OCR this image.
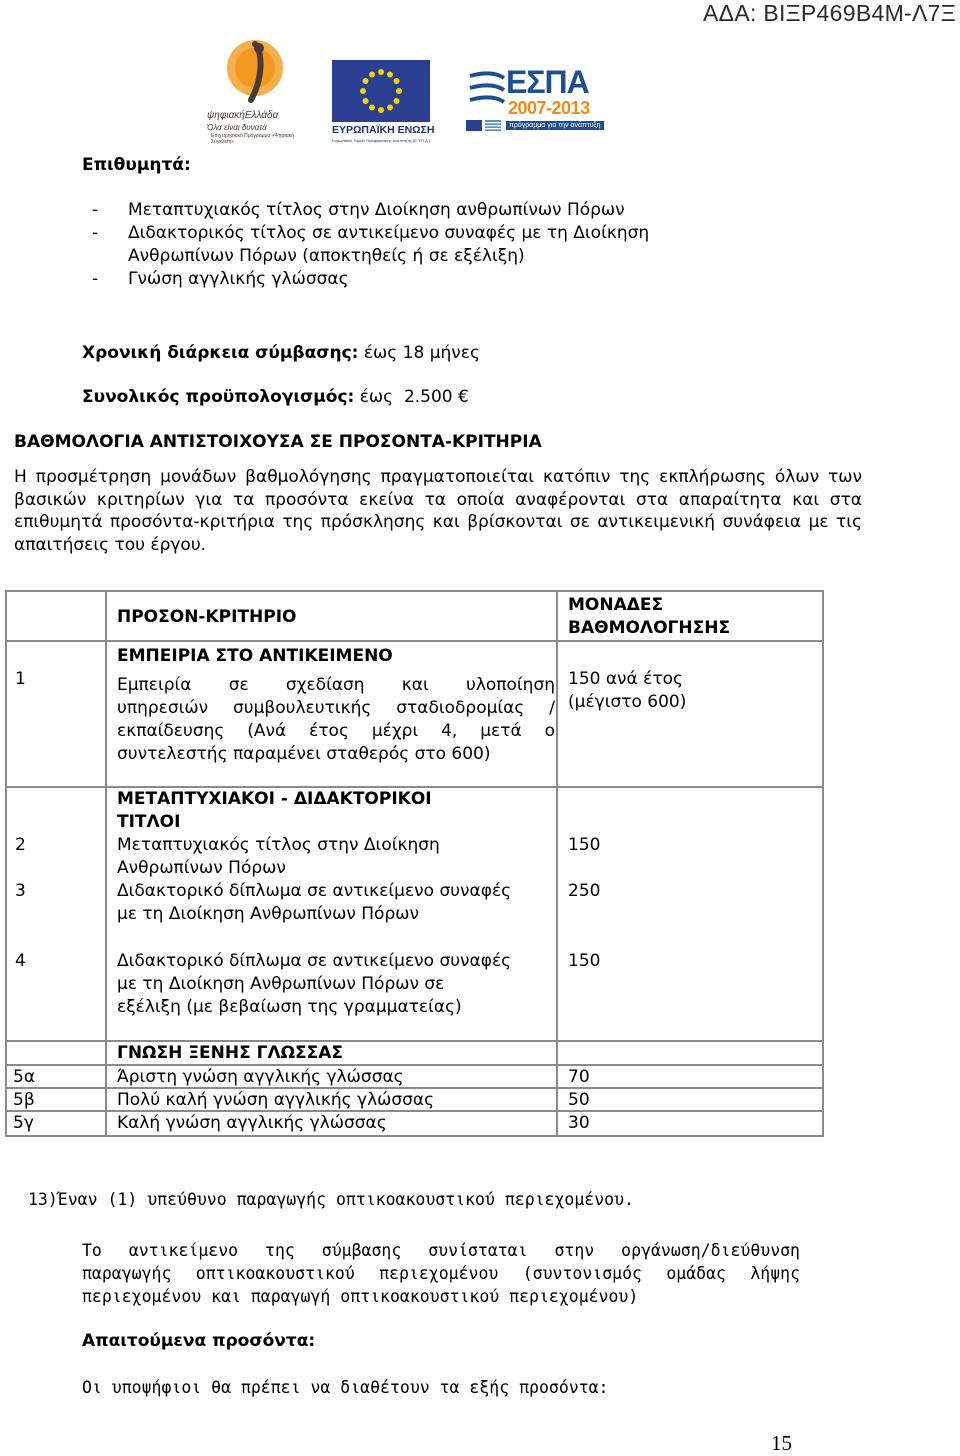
ΑΔΑ: ΒΙΞΡ469Β4Μ-Λ7Ξ
ψηφιακήΕλλάδα
Όλα είναι δυνατά
Επιχειρησιακό Πρόγραμμα «Ψηφιακή Σύγκλιση»
ΕΥΡΩΠΑΪΚΗ ΕΝΩΣΗ
Ευρωπαϊκό Ταμείο Περιφερειακής Ανάπτυξης (Ε.Τ.Π.Α.)
ΕΣΠΑ
2007-2013
πρόγραμμα για την ανάπτυξη
Επιθυμητά:
- Μεταπτυχιακός τίτλος στην Διοίκηση ανθρωπίνων Πόρων
- Διδακτορικός τίτλος σε αντικείμενο συναφές με τη Διοίκηση
Ανθρωπίνων Πόρων (αποκτηθείς ή σε εξέλιξη)
- Γνώση αγγλικής γλώσσας
Χρονική διάρκεια σύμβασης: έως 18 μήνες
Συνολικός προϋπολογισμός: έως  2.500 €
ΒΑΘΜΟΛΟΓΙΑ ΑΝΤΙΣΤΟΙΧΟΥΣΑ ΣΕ ΠΡΟΣΟΝΤΑ-ΚΡΙΤΗΡΙΑ
Η προσμέτρηση μονάδων βαθμολόγησης πραγματοποιείται κατόπιν της εκπλήρωσης όλων των βασικών κριτηρίων για τα προσόντα εκείνα τα οποία αναφέρονται στα απαραίτητα και στα επιθυμητά προσόντα-κριτήρια της πρόσκλησης και βρίσκονται σε αντικειμενική συνάφεια με τις απαιτήσεις του έργου.
ΠΡΟΣΟΝ-ΚΡΙΤΗΡΙΟ
ΜΟΝΑΔΕΣ
ΒΑΘΜΟΛΟΓΗΣΗΣ
ΕΜΠΕΙΡΙΑ ΣΤΟ ΑΝΤΙΚΕΙΜΕΝΟ
1	Εμπειρία σε σχεδίαση και υλοποίηση
υπηρεσιών συμβουλευτικής σταδιοδρομίας /
εκπαίδευσης (Ανά έτος μέχρι 4, μετά ο
συντελεστής παραμένει σταθερός στο 600)
150 ανά έτος
(μέγιστο 600)
ΜΕΤΑΠΤΥΧΙΑΚΟΙ - ΔΙΔΑΚΤΟΡΙΚΟΙ
ΤΙΤΛΟΙ
2	Μεταπτυχιακός τίτλος στην Διοίκηση
Ανθρωπίνων Πόρων
150
3	Διδακτορικό δίπλωμα σε αντικείμενο συναφές
με τη Διοίκηση Ανθρωπίνων Πόρων
250
4	Διδακτορικό δίπλωμα σε αντικείμενο συναφές
με τη Διοίκηση Ανθρωπίνων Πόρων σε
εξέλιξη (με βεβαίωση της γραμματείας)
150
ΓΝΩΣΗ ΞΕΝΗΣ ΓΛΩΣΣΑΣ
5α	Άριστη γνώση αγγλικής γλώσσας	70
5β	Πολύ καλή γνώση αγγλικής γλώσσας	50
5γ	Καλή γνώση αγγλικής γλώσσας	30
13)Έναν (1) υπεύθυνο παραγωγής οπτικοακουστικού περιεχομένου.
Το αντικείμενο της σύμβασης συνίσταται στην οργάνωση/διεύθυνση
παραγωγής οπτικοακουστικού περιεχομένου (συντονισμός ομάδας λήψης
περιεχομένου και παραγωγή οπτικοακουστικού περιεχομένου)
Απαιτούμενα προσόντα:
Οι υποψήφιοι θα πρέπει να διαθέτουν τα εξής προσόντα:
15
